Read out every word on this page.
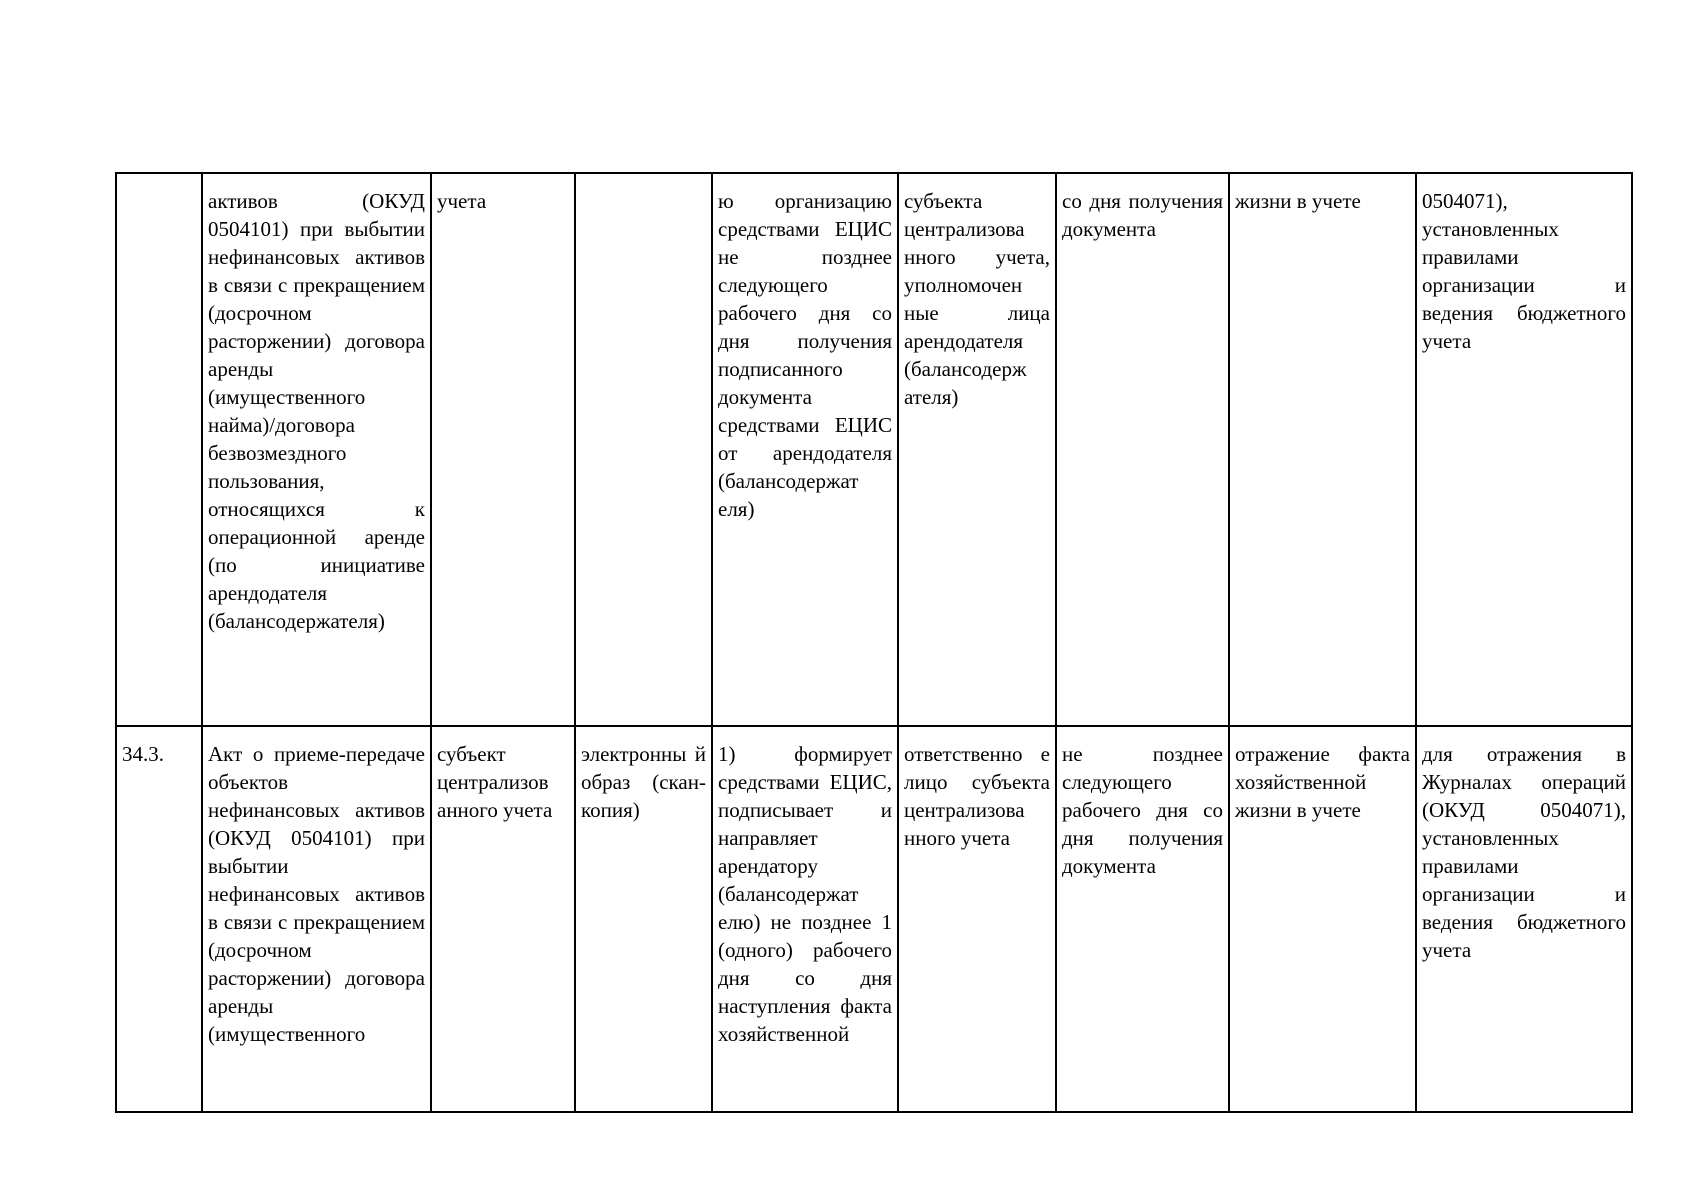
	активов (ОКУД 0504101) при выбытии нефинансовых активов в связи с прекращением (досрочном расторжении) договора аренды (имущественного найма)/договора безвозмездного пользования, относящихся к операционной аренде (по инициативе арендодателя (балансодержателя)	учета		ю организацию средствами ЕЦИС не позднее следующего рабочего дня со дня получения подписанного документа средствами ЕЦИС от арендодателя (балансодержат еля)	субъекта централизова нного учета, уполномочен ные лица арендодателя (балансодерж ателя)	со дня получения документа	жизни в учете	0504071), установленных правилами организации и ведения бюджетного учета
34.3.	Акт о приеме-передаче объектов нефинансовых активов (ОКУД 0504101) при выбытии нефинансовых активов в связи с прекращением (досрочном расторжении) договора аренды (имущественного	субъект централизов анного учета	электронны й образ (скан-копия)	1) формирует средствами ЕЦИС, подписывает и направляет арендатору (балансодержат елю) не позднее 1 (одного) рабочего дня со дня наступления факта хозяйственной	ответственно е лицо субъекта централизова нного учета	не позднее следующего рабочего дня со дня получения документа	отражение факта хозяйственной жизни в учете	для отражения в Журналах операций (ОКУД 0504071), установленных правилами организации и ведения бюджетного учета
